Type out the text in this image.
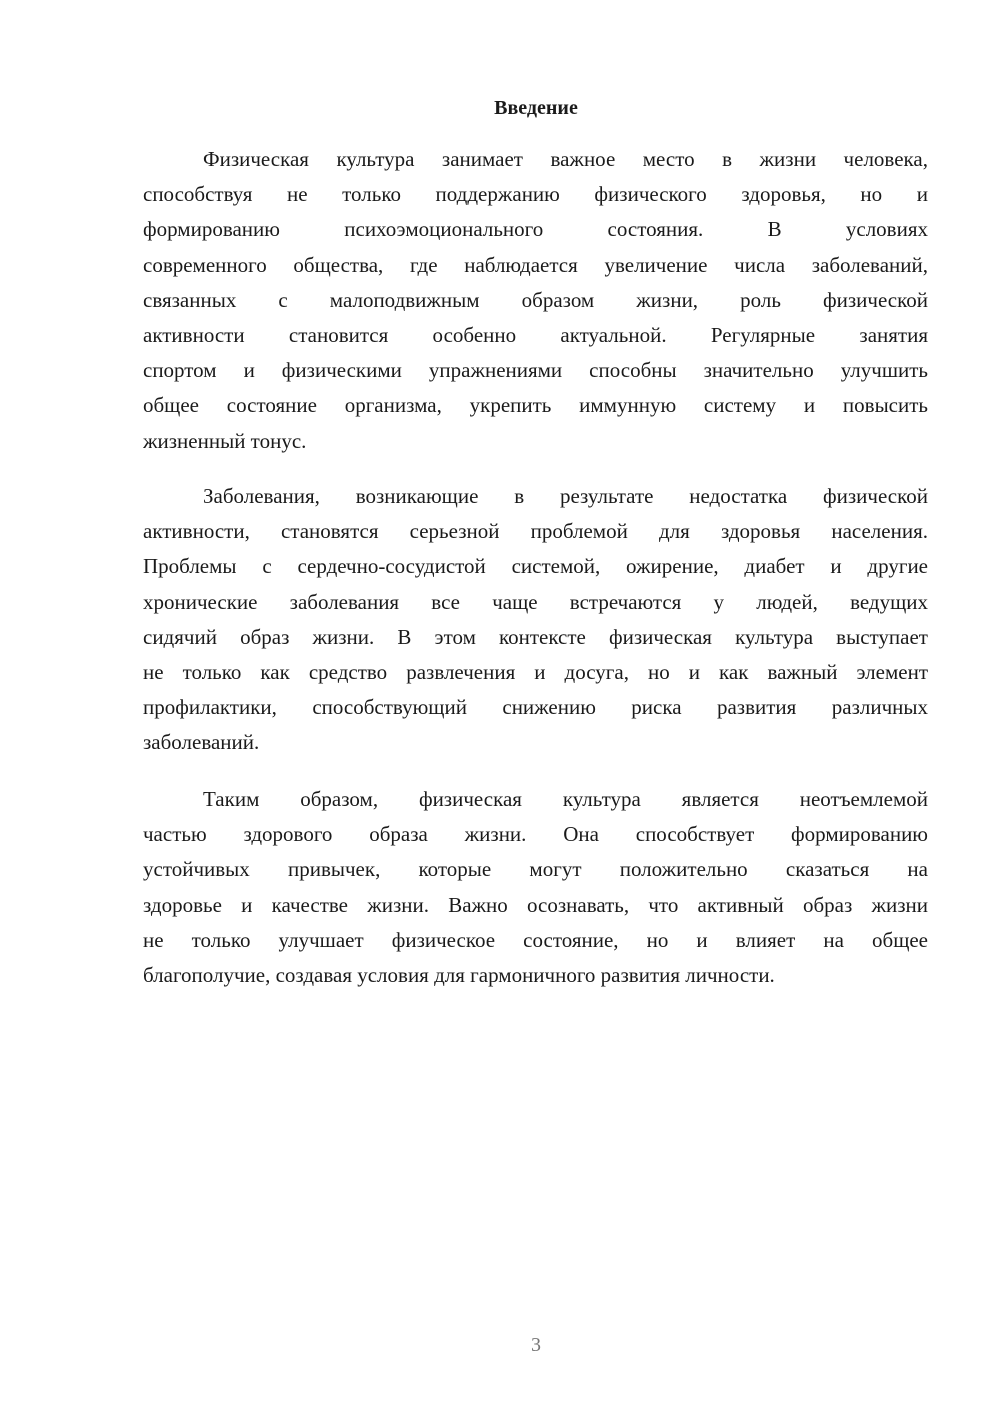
Введение
Физическая культура занимает важное место в жизни человека,
способствуя не только поддержанию физического здоровья, но и
формированию психоэмоционального состояния. В условиях
современного общества, где наблюдается увеличение числа заболеваний,
связанных с малоподвижным образом жизни, роль физической
активности становится особенно актуальной. Регулярные занятия
спортом и физическими упражнениями способны значительно улучшить
общее состояние организма, укрепить иммунную систему и повысить
жизненный тонус.
Заболевания, возникающие в результате недостатка физической
активности, становятся серьезной проблемой для здоровья населения.
Проблемы с сердечно-сосудистой системой, ожирение, диабет и другие
хронические заболевания все чаще встречаются у людей, ведущих
сидячий образ жизни. В этом контексте физическая культура выступает
не только как средство развлечения и досуга, но и как важный элемент
профилактики, способствующий снижению риска развития различных
заболеваний.
Таким образом, физическая культура является неотъемлемой
частью здорового образа жизни. Она способствует формированию
устойчивых привычек, которые могут положительно сказаться на
здоровье и качестве жизни. Важно осознавать, что активный образ жизни
не только улучшает физическое состояние, но и влияет на общее
благополучие, создавая условия для гармоничного развития личности.
3
